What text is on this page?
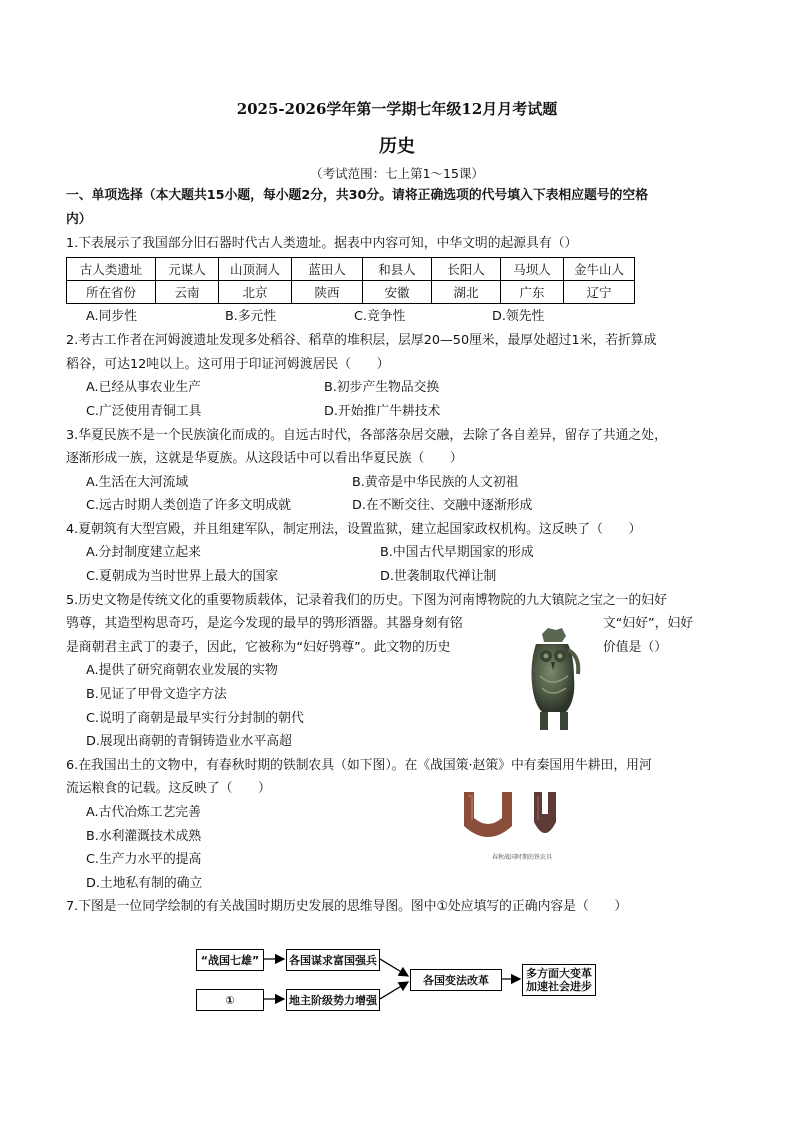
2025-2026学年第一学期七年级12月月考试题
历史
（考试范围：七上第1～15课）
一、单项选择（本大题共15小题，每小题2分，共30分。请将正确选项的代号填入下表相应题号的空格
内）
1.下表展示了我国部分旧石器时代古人类遗址。据表中内容可知，中华文明的起源具有（）
古人类遗址	元谋人	山顶洞人	蓝田人	和县人	长阳人	马坝人	金牛山人
所在省份	云南	北京	陕西	安徽	湖北	广东	辽宁
A.同步性	B.多元性	C.竞争性	D.领先性
2.考古工作者在河姆渡遗址发现多处稻谷、稻草的堆积层，层厚20—50厘米，最厚处超过1米，若折算成
稻谷，可达12吨以上。这可用于印证河姆渡居民（　　）
A.已经从事农业生产	B.初步产生物品交换
C.广泛使用青铜工具	D.开始推广牛耕技术
3.华夏民族不是一个民族演化而成的。自远古时代，各部落杂居交融，去除了各自差异，留存了共通之处，
逐渐形成一族，这就是华夏族。从这段话中可以看出华夏民族（　　）
A.生活在大河流域	B.黄帝是中华民族的人文初祖
C.远古时期人类创造了许多文明成就	D.在不断交往、交融中逐渐形成
4.夏朝筑有大型宫殿，并且组建军队，制定刑法，设置监狱，建立起国家政权机构。这反映了（　　）
A.分封制度建立起来	B.中国古代早期国家的形成
C.夏朝成为当时世界上最大的国家	D.世袭制取代禅让制
5.历史文物是传统文化的重要物质载体，记录着我们的历史。下图为河南博物院的九大镇院之宝之一的妇好
鸮尊，其造型构思奇巧，是迄今发现的最早的鸮形酒器。其器身刻有铭	文“妇好”，妇好
是商朝君主武丁的妻子，因此，它被称为“妇好鸮尊”。此文物的历史	价值是（）
A.提供了研究商朝农业发展的实物
B.见证了甲骨文造字方法
C.说明了商朝是最早实行分封制的朝代
D.展现出商朝的青铜铸造业水平高超
6.在我国出土的文物中，有春秋时期的铁制农具（如下图）。在《战国策·赵策》中有秦国用牛耕田，用河
流运粮食的记载。这反映了（　　）
春秋战国时期的铁农具
A.古代冶炼工艺完善
B.水利灌溉技术成熟
C.生产力水平的提高
D.土地私有制的确立
7.下图是一位同学绘制的有关战国时期历史发展的思维导图。图中①处应填写的正确内容是（　　）
“战国七雄”	各国谋求富国强兵
①	地主阶级势力增强
各国变法改革	多方面大变革
加速社会进步
